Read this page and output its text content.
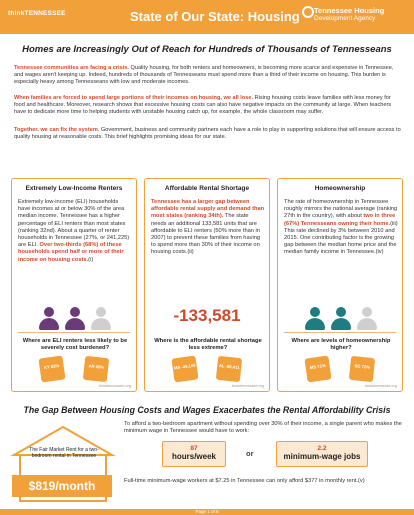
thinkTENNESSEE	State of Our State: Housing Tennessee Housing
Development Agency
Homes are Increasingly Out of Reach for Hundreds of Thousands of Tennesseans

Tennessee communities are facing a crisis. Quality housing, for both renters and homeowners, is becoming more scarce and expensive in Tennessee, and wages aren't keeping up. Indeed, hundreds of thousands of Tennesseans must spend more than a third of their income on housing. This burden is especially heavy among Tennesseans with low and moderate incomes.

When families are forced to spend large portions of their incomes on housing, we all lose. Rising housing costs leave families with less money for food and healthcare. Moreover, research shows that excessive housing costs can also have negative impacts on the community at large. When teachers have to dedicate more time to helping students with unstable housing catch up, for example, the whole classroom may suffer.

Together, we can fix the system. Government, business and community partners each have a role to play in supporting solutions that will ensure access to quality housing at reasonable costs. This brief highlights promising ideas for our state.

Extremely Low-Income Renters

Extremely low-income (ELI) households have incomes at or below 30% of the area median income. Tennessee has a higher percentage of ELI renters than most states (ranking 32nd). About a quarter of renter households in Tennessee (27%, or 241,225) are ELI. Over two-thirds (68%) of these households spend half or more of their income on housing costs.(i)

Where are ELI renters less likely to be severely cost burdened?
KY 63%	AR 60%
thinktennessee.org
Affordable Rental Shortage

Tennessee has a larger gap between affordable rental supply and demand than most states (ranking 34th). The state needs an additional 133,581 units that are affordable to ELI renters (50% more than in 2007) to prevent these families from having to spend more than 30% of their income on housing costs.(ii)

-133,581
Where is the affordable rental shortage less extreme?
MS -49,165	AL -85,411
thinktennessee.org
Homeownership

The rate of homeownership in Tennessee roughly mirrors the national average (ranking 27th in the country), with about two in three (67%) Tennesseans owning their home.(iii) This rate declined by 3% between 2010 and 2015. One contributing factor is the growing gap between the median home price and the median family income in Tennessee.(iv)

Where are levels of homeownership higher?
MS 71%	SC 72%
thinktennessee.org
The Gap Between Housing Costs and Wages Exacerbates the Rental Affordability Crisis
The Fair Market Rent for a two-bedroom rental in Tennessee
$819/month

To afford a two-bedroom apartment without spending over 30% of their income, a single parent who makes the minimum wage in Tennessee would have to work:

87
hours/week	or
2.2
minimum-wage jobs

Full-time minimum-wage workers at $7.25 in Tennessee can only afford $377 in monthly rent.(v)

Page 1 of 6
